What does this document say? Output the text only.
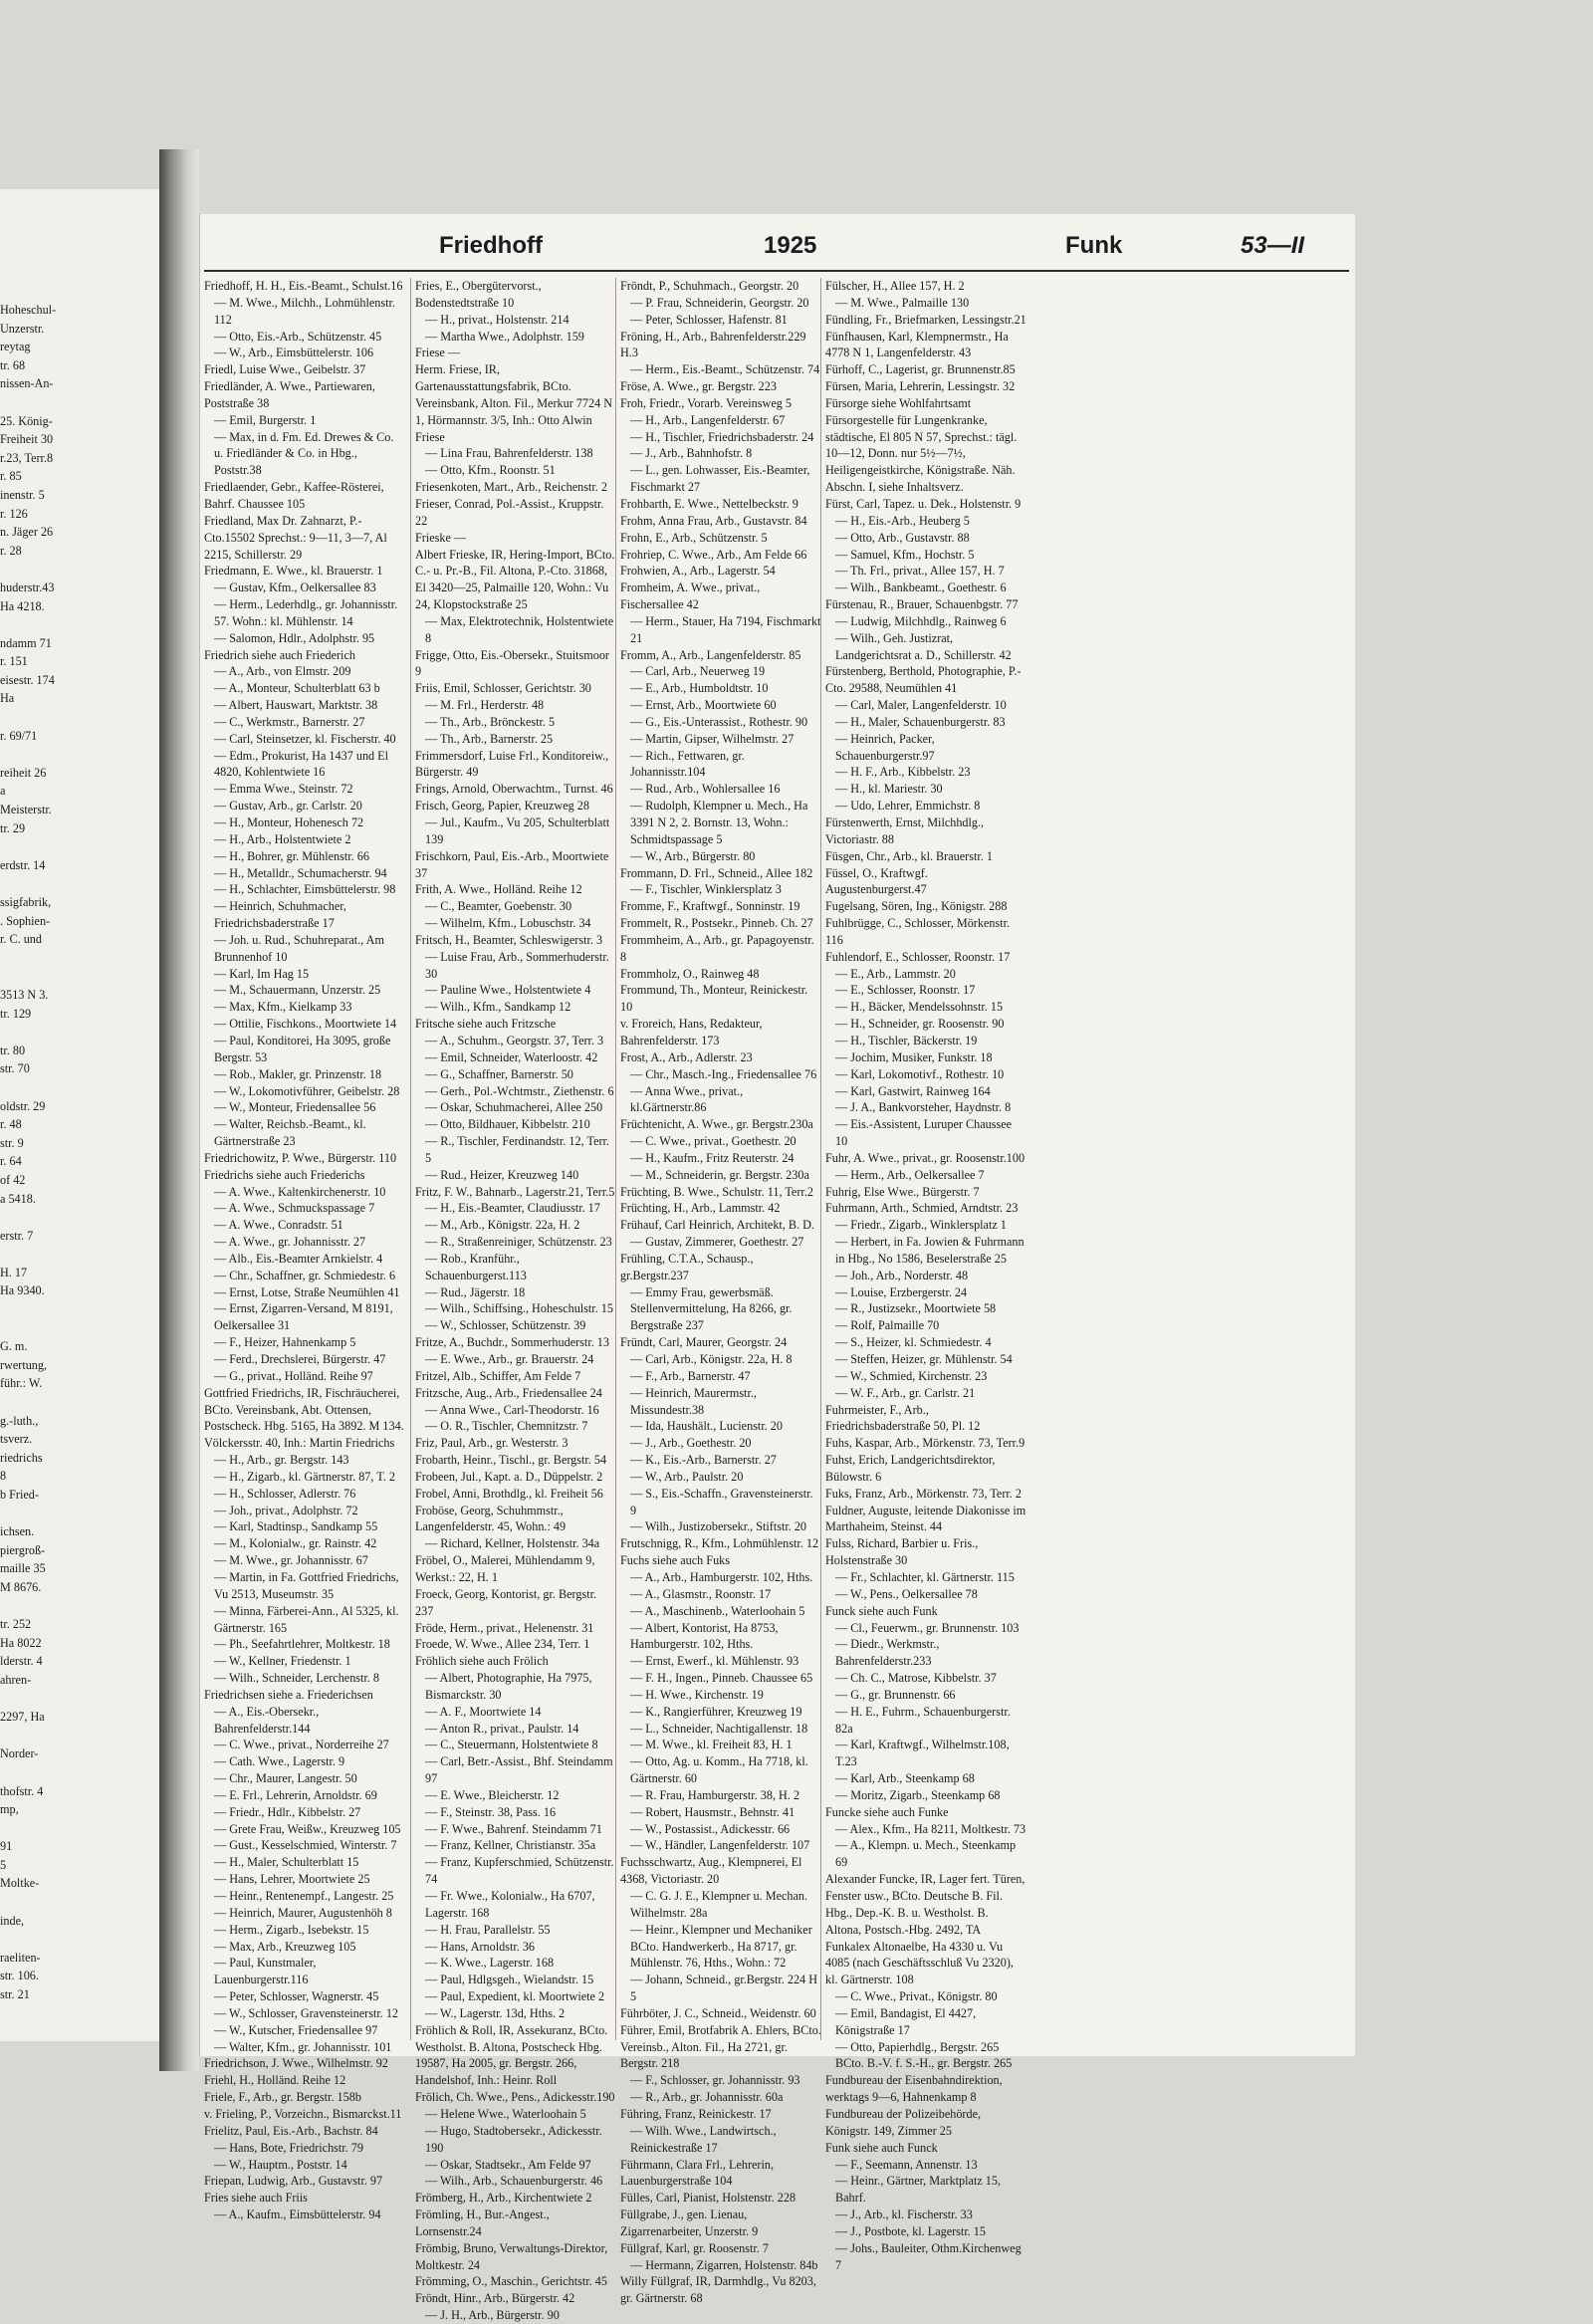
Hoheschul-
Unzerstr.
reytag
tr. 68
nissen-An-
25. König-
Freiheit 30
r.23, Terr.8
r. 85
inenstr. 5
r. 126
n. Jäger 26
r. 28
huderstr.43
Ha 4218.
ndamm 71
r. 151
eisestr. 174
Ha
r. 69/71
reiheit 26
a
Meisterstr.
tr. 29
erdstr. 14
ssigfabrik,
. Sophien-
r. C. und
3513 N 3.
tr. 129
tr. 80
str. 70
oldstr. 29
r. 48
str. 9
r. 64
of 42
a 5418.
erstr. 7
H. 17
Ha 9340.
G. m.
rwertung,
führ.: W.
g.-luth.,
tsverz.
riedrichs
8
b Fried-
ichsen.
piergroß-
maille 35
M 8676.
tr. 252
Ha 8022
lderstr. 4
ahren-
2297, Ha
Norder-
thofstr. 4
mp,
91
5
Moltke-
inde,
raeliten-
str. 106.
str. 21
Friedhoff	1925	Funk	53—II
Friedhoff, H. H., Eis.-Beamt., Schulst.16
— M. Wwe., Milchh., Lohmühlenstr. 112
— Otto, Eis.-Arb., Schützenstr. 45
— W., Arb., Eimsbüttelerstr. 106
Friedl, Luise Wwe., Geibelstr. 37
Friedländer, A. Wwe., Partiewaren, Poststraße 38
— Emil, Burgerstr. 1
— Max, in d. Fm. Ed. Drewes & Co. u. Friedländer & Co. in Hbg., Poststr.38
Friedlaender, Gebr., Kaffee-Rösterei, Bahrf. Chaussee 105
Friedland, Max Dr. Zahnarzt, P.-Cto.15502 Sprechst.: 9—11, 3—7, Al 2215, Schillerstr. 29
Friedmann, E. Wwe., kl. Brauerstr. 1
— Gustav, Kfm., Oelkersallee 83
— Herm., Lederhdlg., gr. Johannisstr. 57. Wohn.: kl. Mühlenstr. 14
— Salomon, Hdlr., Adolphstr. 95
Friedrich siehe auch Friederich
— A., Arb., von Elmstr. 209
— A., Monteur, Schulterblatt 63 b
— Albert, Hauswart, Marktstr. 38
— C., Werkmstr., Barnerstr. 27
— Carl, Steinsetzer, kl. Fischerstr. 40
— Edm., Prokurist, Ha 1437 und El 4820, Kohlentwiete 16
— Emma Wwe., Steinstr. 72
— Gustav, Arb., gr. Carlstr. 20
— H., Monteur, Hohenesch 72
— H., Arb., Holstentwiete 2
— H., Bohrer, gr. Mühlenstr. 66
— H., Metalldr., Schumacherstr. 94
— H., Schlachter, Eimsbüttelerstr. 98
— Heinrich, Schuhmacher, Friedrichsbaderstraße 17
— Joh. u. Rud., Schuhreparat., Am Brunnenhof 10
— Karl, Im Hag 15
— M., Schauermann, Unzerstr. 25
— Max, Kfm., Kielkamp 33
— Ottilie, Fischkons., Moortwiete 14
— Paul, Konditorei, Ha 3095, große Bergstr. 53
— Rob., Makler, gr. Prinzenstr. 18
— W., Lokomotivführer, Geibelstr. 28
— W., Monteur, Friedensallee 56
— Walter, Reichsb.-Beamt., kl. Gärtnerstraße 23
Friedrichowitz, P. Wwe., Bürgerstr. 110
Friedrichs siehe auch Friederichs
— A. Wwe., Kaltenkirchenerstr. 10
— A. Wwe., Schmuckspassage 7
— A. Wwe., Conradstr. 51
— A. Wwe., gr. Johannisstr. 27
— Alb., Eis.-Beamter Arnkielstr. 4
— Chr., Schaffner, gr. Schmiedestr. 6
— Ernst, Lotse, Straße Neumühlen 41
— Ernst, Zigarren-Versand, M 8191, Oelkersallee 31
— F., Heizer, Hahnenkamp 5
— Ferd., Drechslerei, Bürgerstr. 47
— G., privat., Holländ. Reihe 97
Gottfried Friedrichs, IR, Fischräucherei, BCto. Vereinsbank, Abt. Ottensen, Postscheck. Hbg. 5165, Ha 3892. M 134. Völckersstr. 40, Inh.: Martin Friedrichs
— H., Arb., gr. Bergstr. 143
— H., Zigarb., kl. Gärtnerstr. 87, T. 2
— H., Schlosser, Adlerstr. 76
— Joh., privat., Adolphstr. 72
— Karl, Stadtinsp., Sandkamp 55
— M., Kolonialw., gr. Rainstr. 42
— M. Wwe., gr. Johannisstr. 67
— Martin, in Fa. Gottfried Friedrichs, Vu 2513, Museumstr. 35
— Minna, Färberei-Ann., Al 5325, kl. Gärtnerstr. 165
— Ph., Seefahrtlehrer, Moltkestr. 18
— W., Kellner, Friedenstr. 1
— Wilh., Schneider, Lerchenstr. 8
Friedrichsen siehe a. Friederichsen
— A., Eis.-Obersekr., Bahrenfelderstr.144
— C. Wwe., privat., Norderreihe 27
— Cath. Wwe., Lagerstr. 9
— Chr., Maurer, Langestr. 50
— E. Frl., Lehrerin, Arnoldstr. 69
— Friedr., Hdlr., Kibbelstr. 27
— Grete Frau, Weißw., Kreuzweg 105
— Gust., Kesselschmied, Winterstr. 7
— H., Maler, Schulterblatt 15
— Hans, Lehrer, Moortwiete 25
— Heinr., Rentenempf., Langestr. 25
— Heinrich, Maurer, Augustenhöh 8
— Herm., Zigarb., Isebekstr. 15
— Max, Arb., Kreuzweg 105
— Paul, Kunstmaler, Lauenburgerstr.116
— Peter, Schlosser, Wagnerstr. 45
— W., Schlosser, Gravensteinerstr. 12
— W., Kutscher, Friedensallee 97
— Walter, Kfm., gr. Johannisstr. 101
Friedrichson, J. Wwe., Wilhelmstr. 92
Friehl, H., Holländ. Reihe 12
Friele, F., Arb., gr. Bergstr. 158b
v. Frieling, P., Vorzeichn., Bismarckst.11
Frielitz, Paul, Eis.-Arb., Bachstr. 84
— Hans, Bote, Friedrichstr. 79
— W., Hauptm., Poststr. 14
Friepan, Ludwig, Arb., Gustavstr. 97
Fries siehe auch Friis
— A., Kaufm., Eimsbüttelerstr. 94
Fries, E., Obergütervorst., Bodenstedtstraße 10
— H., privat., Holstenstr. 214
— Martha Wwe., Adolphstr. 159
Friese —
Herm. Friese, IR, Gartenausstattungsfabrik, BCto. Vereinsbank, Alton. Fil., Merkur 7724 N 1, Hörmannstr. 3/5, Inh.: Otto Alwin Friese
— Lina Frau, Bahrenfelderstr. 138
— Otto, Kfm., Roonstr. 51
Friesenkoten, Mart., Arb., Reichenstr. 2
Frieser, Conrad, Pol.-Assist., Kruppstr. 22
Frieske —
Albert Frieske, IR, Hering-Import, BCto. C.- u. Pr.-B., Fil. Altona, P.-Cto. 31868, El 3420—25, Palmaille 120, Wohn.: Vu 24, Klopstockstraße 25
— Max, Elektrotechnik, Holstentwiete 8
Frigge, Otto, Eis.-Obersekr., Stuitsmoor 9
Friis, Emil, Schlosser, Gerichtstr. 30
— M. Frl., Herderstr. 48
— Th., Arb., Brönckestr. 5
— Th., Arb., Barnerstr. 25
Frimmersdorf, Luise Frl., Konditoreiw., Bürgerstr. 49
Frings, Arnold, Oberwachtm., Turnst. 46
Frisch, Georg, Papier, Kreuzweg 28
— Jul., Kaufm., Vu 205, Schulterblatt 139
Frischkorn, Paul, Eis.-Arb., Moortwiete 37
Frith, A. Wwe., Holländ. Reihe 12
— C., Beamter, Goebenstr. 30
— Wilhelm, Kfm., Lobuschstr. 34
Fritsch, H., Beamter, Schleswigerstr. 3
— Luise Frau, Arb., Sommerhuderstr. 30
— Pauline Wwe., Holstentwiete 4
— Wilh., Kfm., Sandkamp 12
Fritsche siehe auch Fritzsche
— A., Schuhm., Georgstr. 37, Terr. 3
— Emil, Schneider, Waterloostr. 42
— G., Schaffner, Barnerstr. 50
— Gerh., Pol.-Wchtmstr., Ziethenstr. 6
— Oskar, Schuhmacherei, Allee 250
— Otto, Bildhauer, Kibbelstr. 210
— R., Tischler, Ferdinandstr. 12, Terr. 5
— Rud., Heizer, Kreuzweg 140
Fritz, F. W., Bahnarb., Lagerstr.21, Terr.5
— H., Eis.-Beamter, Claudiusstr. 17
— M., Arb., Königstr. 22a, H. 2
— R., Straßenreiniger, Schützenstr. 23
— Rob., Kranführ., Schauenburgerst.113
— Rud., Jägerstr. 18
— Wilh., Schiffsing., Hoheschulstr. 15
— W., Schlosser, Schützenstr. 39
Fritze, A., Buchdr., Sommerhuderstr. 13
— E. Wwe., Arb., gr. Brauerstr. 24
Fritzel, Alb., Schiffer, Am Felde 7
Fritzsche, Aug., Arb., Friedensallee 24
— Anna Wwe., Carl-Theodorstr. 16
— O. R., Tischler, Chemnitzstr. 7
Friz, Paul, Arb., gr. Westerstr. 3
Frobarth, Heinr., Tischl., gr. Bergstr. 54
Frobeen, Jul., Kapt. a. D., Düppelstr. 2
Frobel, Anni, Brothdlg., kl. Freiheit 56
Froböse, Georg, Schuhmmstr., Langenfelderstr. 45, Wohn.: 49
— Richard, Kellner, Holstenstr. 34a
Fröbel, O., Malerei, Mühlendamm 9, Werkst.: 22, H. 1
Froeck, Georg, Kontorist, gr. Bergstr. 237
Fröde, Herm., privat., Helenenstr. 31
Froede, W. Wwe., Allee 234, Terr. 1
Fröhlich siehe auch Frölich
— Albert, Photographie, Ha 7975, Bismarckstr. 30
— A. F., Moortwiete 14
— Anton R., privat., Paulstr. 14
— C., Steuermann, Holstentwiete 8
— Carl, Betr.-Assist., Bhf. Steindamm 97
— E. Wwe., Bleicherstr. 12
— F., Steinstr. 38, Pass. 16
— F. Wwe., Bahrenf. Steindamm 71
— Franz, Kellner, Christianstr. 35a
— Franz, Kupferschmied, Schützenstr. 74
— Fr. Wwe., Kolonialw., Ha 6707, Lagerstr. 168
— H. Frau, Parallelstr. 55
— Hans, Arnoldstr. 36
— K. Wwe., Lagerstr. 168
— Paul, Hdlgsgeh., Wielandstr. 15
— Paul, Expedient, kl. Moortwiete 2
— W., Lagerstr. 13d, Hths. 2
Fröhlich & Roll, IR, Assekuranz, BCto. Westholst. B. Altona, Postscheck Hbg. 19587, Ha 2005, gr. Bergstr. 266, Handelshof, Inh.: Heinr. Roll
Frölich, Ch. Wwe., Pens., Adickesstr.190
— Helene Wwe., Waterloohain 5
— Hugo, Stadtobersekr., Adickesstr. 190
— Oskar, Stadtsekr., Am Felde 97
— Wilh., Arb., Schauenburgerstr. 46
Frömberg, H., Arb., Kirchentwiete 2
Frömling, H., Bur.-Angest., Lornsenstr.24
Frömbig, Bruno, Verwaltungs-Direktor, Moltkestr. 24
Frömming, O., Maschin., Gerichtstr. 45
Fröndt, Hinr., Arb., Bürgerstr. 42
— J. H., Arb., Bürgerstr. 90
Fröndt, P., Schuhmach., Georgstr. 20
— P. Frau, Schneiderin, Georgstr. 20
— Peter, Schlosser, Hafenstr. 81
Fröning, H., Arb., Bahrenfelderstr.229 H.3
— Herm., Eis.-Beamt., Schützenstr. 74
Fröse, A. Wwe., gr. Bergstr. 223
Froh, Friedr., Vorarb. Vereinsweg 5
— H., Arb., Langenfelderstr. 67
— H., Tischler, Friedrichsbaderstr. 24
— J., Arb., Bahnhofstr. 8
— L., gen. Lohwasser, Eis.-Beamter, Fischmarkt 27
Frohbarth, E. Wwe., Nettelbeckstr. 9
Frohm, Anna Frau, Arb., Gustavstr. 84
Frohn, E., Arb., Schützenstr. 5
Frohriep, C. Wwe., Arb., Am Felde 66
Frohwien, A., Arb., Lagerstr. 54
Fromheim, A. Wwe., privat., Fischersallee 42
— Herm., Stauer, Ha 7194, Fischmarkt 21
Fromm, A., Arb., Langenfelderstr. 85
— Carl, Arb., Neuerweg 19
— E., Arb., Humboldtstr. 10
— Ernst, Arb., Moortwiete 60
— G., Eis.-Unterassist., Rothestr. 90
— Martin, Gipser, Wilhelmstr. 27
— Rich., Fettwaren, gr. Johannisstr.104
— Rud., Arb., Wohlersallee 16
— Rudolph, Klempner u. Mech., Ha 3391 N 2, 2. Bornstr. 13, Wohn.: Schmidtspassage 5
— W., Arb., Bürgerstr. 80
Frommann, D. Frl., Schneid., Allee 182
— F., Tischler, Winklersplatz 3
Fromme, F., Kraftwgf., Sonninstr. 19
Frommelt, R., Postsekr., Pinneb. Ch. 27
Frommheim, A., Arb., gr. Papagoyenstr. 8
Frommholz, O., Rainweg 48
Frommund, Th., Monteur, Reinickestr. 10
v. Froreich, Hans, Redakteur, Bahrenfelderstr. 173
Frost, A., Arb., Adlerstr. 23
— Chr., Masch.-Ing., Friedensallee 76
— Anna Wwe., privat., kl.Gärtnerstr.86
Früchtenicht, A. Wwe., gr. Bergstr.230a
— C. Wwe., privat., Goethestr. 20
— H., Kaufm., Fritz Reuterstr. 24
— M., Schneiderin, gr. Bergstr. 230a
Früchting, B. Wwe., Schulstr. 11, Terr.2
Früchting, H., Arb., Lammstr. 42
Frühauf, Carl Heinrich, Architekt, B. D.
— Gustav, Zimmerer, Goethestr. 27
Frühling, C.T.A., Schausp., gr.Bergstr.237
— Emmy Frau, gewerbsmäß. Stellenvermittelung, Ha 8266, gr. Bergstraße 237
Fründt, Carl, Maurer, Georgstr. 24
— Carl, Arb., Königstr. 22a, H. 8
— F., Arb., Barnerstr. 47
— Heinrich, Maurermstr., Missundestr.38
— Ida, Haushält., Lucienstr. 20
— J., Arb., Goethestr. 20
— K., Eis.-Arb., Barnerstr. 27
— W., Arb., Paulstr. 20
— S., Eis.-Schaffn., Gravensteinerstr. 9
— Wilh., Justizobersekr., Stiftstr. 20
Frutschnigg, R., Kfm., Lohmühlenstr. 12
Fuchs siehe auch Fuks
— A., Arb., Hamburgerstr. 102, Hths.
— A., Glasmstr., Roonstr. 17
— A., Maschinenb., Waterloohain 5
— Albert, Kontorist, Ha 8753, Hamburgerstr. 102, Hths.
— Ernst, Ewerf., kl. Mühlenstr. 93
— F. H., Ingen., Pinneb. Chaussee 65
— H. Wwe., Kirchenstr. 19
— K., Rangierführer, Kreuzweg 19
— L., Schneider, Nachtigallenstr. 18
— M. Wwe., kl. Freiheit 83, H. 1
— Otto, Ag. u. Komm., Ha 7718, kl. Gärtnerstr. 60
— R. Frau, Hamburgerstr. 38, H. 2
— Robert, Hausmstr., Behnstr. 41
— W., Postassist., Adickesstr. 66
— W., Händler, Langenfelderstr. 107
Fuchsschwartz, Aug., Klempnerei, El 4368, Victoriastr. 20
— C. G. J. E., Klempner u. Mechan. Wilhelmstr. 28a
— Heinr., Klempner und Mechaniker BCto. Handwerkerb., Ha 8717, gr. Mühlenstr. 76, Hths., Wohn.: 72
— Johann, Schneid., gr.Bergstr. 224 H 5
Führböter, J. C., Schneid., Weidenstr. 60
Führer, Emil, Brotfabrik A. Ehlers, BCto. Vereinsb., Alton. Fil., Ha 2721, gr. Bergstr. 218
— F., Schlosser, gr. Johannisstr. 93
— R., Arb., gr. Johannisstr. 60a
Führing, Franz, Reinickestr. 17
— Wilh. Wwe., Landwirtsch., Reinickestraße 17
Führmann, Clara Frl., Lehrerin, Lauenburgerstraße 104
Fülles, Carl, Pianist, Holstenstr. 228
Füllgrabe, J., gen. Lienau, Zigarrenarbeiter, Unzerstr. 9
Füllgraf, Karl, gr. Roosenstr. 7
— Hermann, Zigarren, Holstenstr. 84b
Willy Füllgraf, IR, Darmhdlg., Vu 8203, gr. Gärtnerstr. 68
Fülscher, H., Allee 157, H. 2
— M. Wwe., Palmaille 130
Fündling, Fr., Briefmarken, Lessingstr.21
Fünfhausen, Karl, Klempnermstr., Ha 4778 N 1, Langenfelderstr. 43
Fürhoff, C., Lagerist, gr. Brunnenstr.85
Fürsen, Maria, Lehrerin, Lessingstr. 32
Fürsorge siehe Wohlfahrtsamt
Fürsorgestelle für Lungenkranke, städtische, El 805 N 57, Sprechst.: tägl. 10—12, Donn. nur 5½—7½, Heiligengeistkirche, Königstraße. Näh. Abschn. I, siehe Inhaltsverz.
Fürst, Carl, Tapez. u. Dek., Holstenstr. 9
— H., Eis.-Arb., Heuberg 5
— Otto, Arb., Gustavstr. 88
— Samuel, Kfm., Hochstr. 5
— Th. Frl., privat., Allee 157, H. 7
— Wilh., Bankbeamt., Goethestr. 6
Fürstenau, R., Brauer, Schauenbgstr. 77
— Ludwig, Milchhdlg., Rainweg 6
— Wilh., Geh. Justizrat, Landgerichtsrat a. D., Schillerstr. 42
Fürstenberg, Berthold, Photographie, P.-Cto. 29588, Neumühlen 41
— Carl, Maler, Langenfelderstr. 10
— H., Maler, Schauenburgerstr. 83
— Heinrich, Packer, Schauenburgerstr.97
— H. F., Arb., Kibbelstr. 23
— H., kl. Mariestr. 30
— Udo, Lehrer, Emmichstr. 8
Fürstenwerth, Ernst, Milchhdlg., Victoriastr. 88
Füsgen, Chr., Arb., kl. Brauerstr. 1
Füssel, O., Kraftwgf. Augustenburgerst.47
Fugelsang, Sören, Ing., Königstr. 288
Fuhlbrügge, C., Schlosser, Mörkenstr. 116
Fuhlendorf, E., Schlosser, Roonstr. 17
— E., Arb., Lammstr. 20
— E., Schlosser, Roonstr. 17
— H., Bäcker, Mendelssohnstr. 15
— H., Schneider, gr. Roosenstr. 90
— H., Tischler, Bäckerstr. 19
— Jochim, Musiker, Funkstr. 18
— Karl, Lokomotivf., Rothestr. 10
— Karl, Gastwirt, Rainweg 164
— J. A., Bankvorsteher, Haydnstr. 8
— Eis.-Assistent, Luruper Chaussee 10
Fuhr, A. Wwe., privat., gr. Roosenstr.100
— Herm., Arb., Oelkersallee 7
Fuhrig, Else Wwe., Bürgerstr. 7
Fuhrmann, Arth., Schmied, Arndtstr. 23
— Friedr., Zigarb., Winklersplatz 1
— Herbert, in Fa. Jowien & Fuhrmann in Hbg., No 1586, Beselerstraße 25
— Joh., Arb., Norderstr. 48
— Louise, Erzbergerstr. 24
— R., Justizsekr., Moortwiete 58
— Rolf, Palmaille 70
— S., Heizer, kl. Schmiedestr. 4
— Steffen, Heizer, gr. Mühlenstr. 54
— W., Schmied, Kirchenstr. 23
— W. F., Arb., gr. Carlstr. 21
Fuhrmeister, F., Arb., Friedrichsbaderstraße 50, Pl. 12
Fuhs, Kaspar, Arb., Mörkenstr. 73, Terr.9
Fuhst, Erich, Landgerichtsdirektor, Bülowstr. 6
Fuks, Franz, Arb., Mörkenstr. 73, Terr. 2
Fuldner, Auguste, leitende Diakonisse im Marthaheim, Steinst. 44
Fulss, Richard, Barbier u. Fris., Holstenstraße 30
— Fr., Schlachter, kl. Gärtnerstr. 115
— W., Pens., Oelkersallee 78
Funck siehe auch Funk
— Cl., Feuerwm., gr. Brunnenstr. 103
— Diedr., Werkmstr., Bahrenfelderstr.233
— Ch. C., Matrose, Kibbelstr. 37
— G., gr. Brunnenstr. 66
— H. E., Fuhrm., Schauenburgerstr. 82a
— Karl, Kraftwgf., Wilhelmstr.108, T.23
— Karl, Arb., Steenkamp 68
— Moritz, Zigarb., Steenkamp 68
Funcke siehe auch Funke
— Alex., Kfm., Ha 8211, Moltkestr. 73
— A., Klempn. u. Mech., Steenkamp 69
Alexander Funcke, IR, Lager fert. Türen, Fenster usw., BCto. Deutsche B. Fil. Hbg., Dep.-K. B. u. Westholst. B. Altona, Postsch.-Hbg. 2492, TA Funkalex Altonaelbe, Ha 4330 u. Vu 4085 (nach Geschäftsschluß Vu 2320), kl. Gärtnerstr. 108
— C. Wwe., Privat., Königstr. 80
— Emil, Bandagist, El 4427, Königstraße 17
— Otto, Papierhdlg., Bergstr. 265 BCto. B.-V. f. S.-H., gr. Bergstr. 265
Fundbureau der Eisenbahndirektion, werktags 9—6, Hahnenkamp 8
Fundbureau der Polizeibehörde, Königstr. 149, Zimmer 25
Funk siehe auch Funck
— F., Seemann, Annenstr. 13
— Heinr., Gärtner, Marktplatz 15, Bahrf.
— J., Arb., kl. Fischerstr. 33
— J., Postbote, kl. Lagerstr. 15
— Johs., Bauleiter, Othm.Kirchenweg 7
